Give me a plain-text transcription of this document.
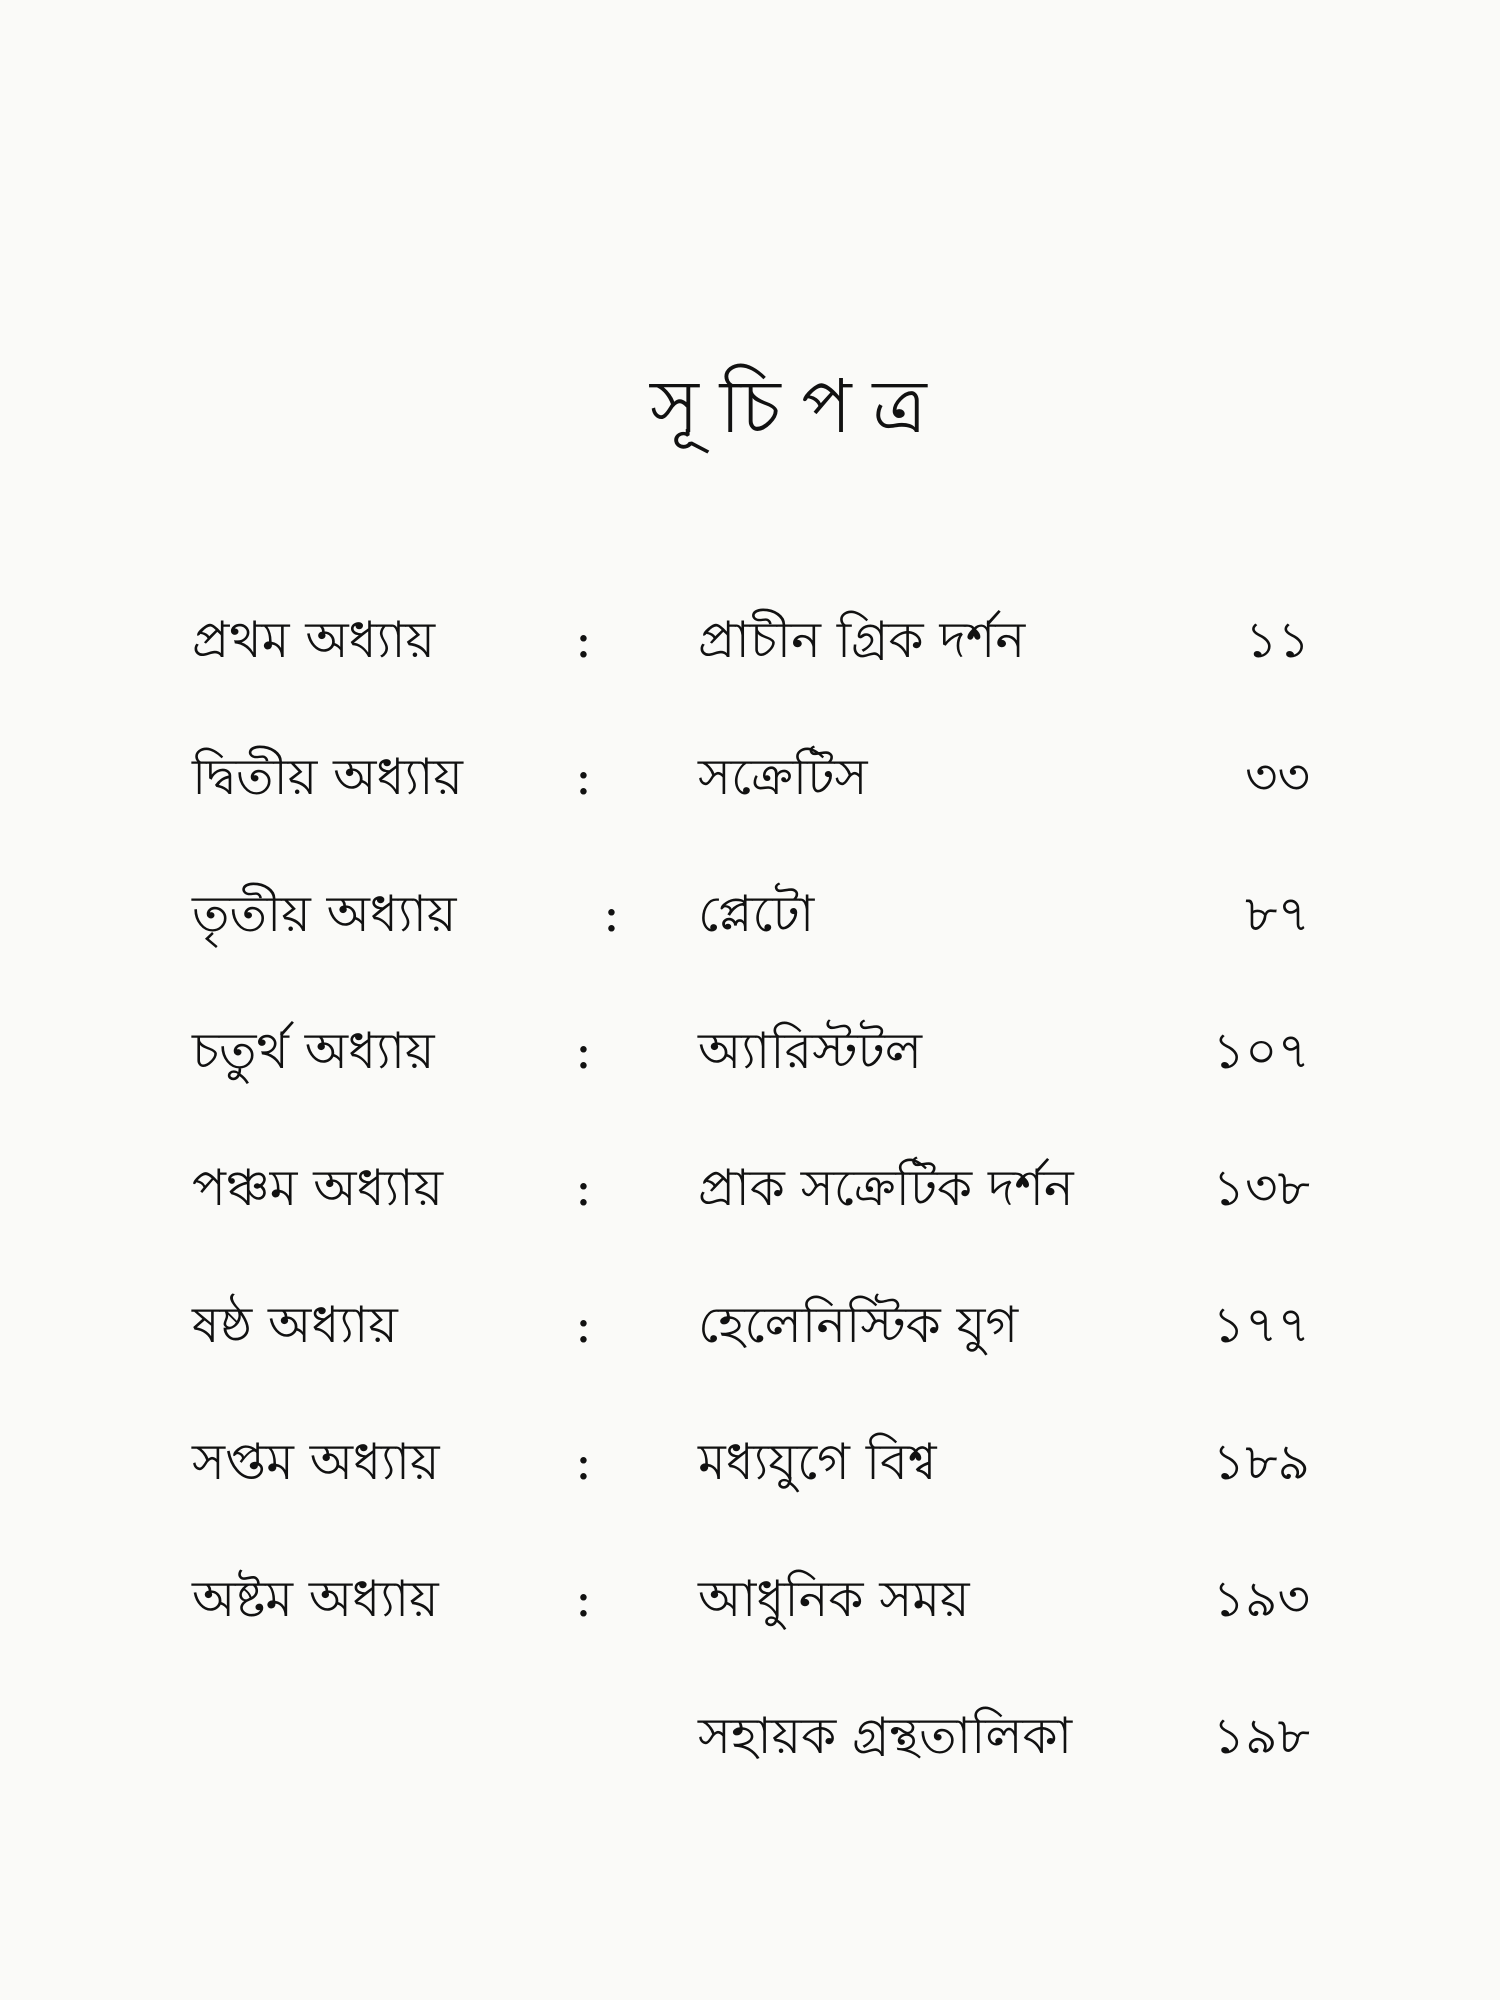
সূচিপত্র
প্রথম অধ্যায়	: প্রাচীন গ্রিক দর্শন	১১
দ্বিতীয় অধ্যায় : সক্রেটিস	৩৩
তৃতীয় অধ্যায়	: প্লেটো	৮৭
চতুর্থ অধ্যায়	: অ্যারিস্টটল	১০৭
পঞ্চম অধ্যায়	: প্রাক সক্রেটিক দর্শন	১৩৮
ষষ্ঠ অধ্যায়	: হেলেনিস্টিক যুগ	১৭৭
সপ্তম অধ্যায়	: মধ্যযুগে বিশ্ব	১৮৯
অষ্টম অধ্যায়	: আধুনিক সময়	১৯৩
সহায়ক গ্রন্থতালিকা	১৯৮
